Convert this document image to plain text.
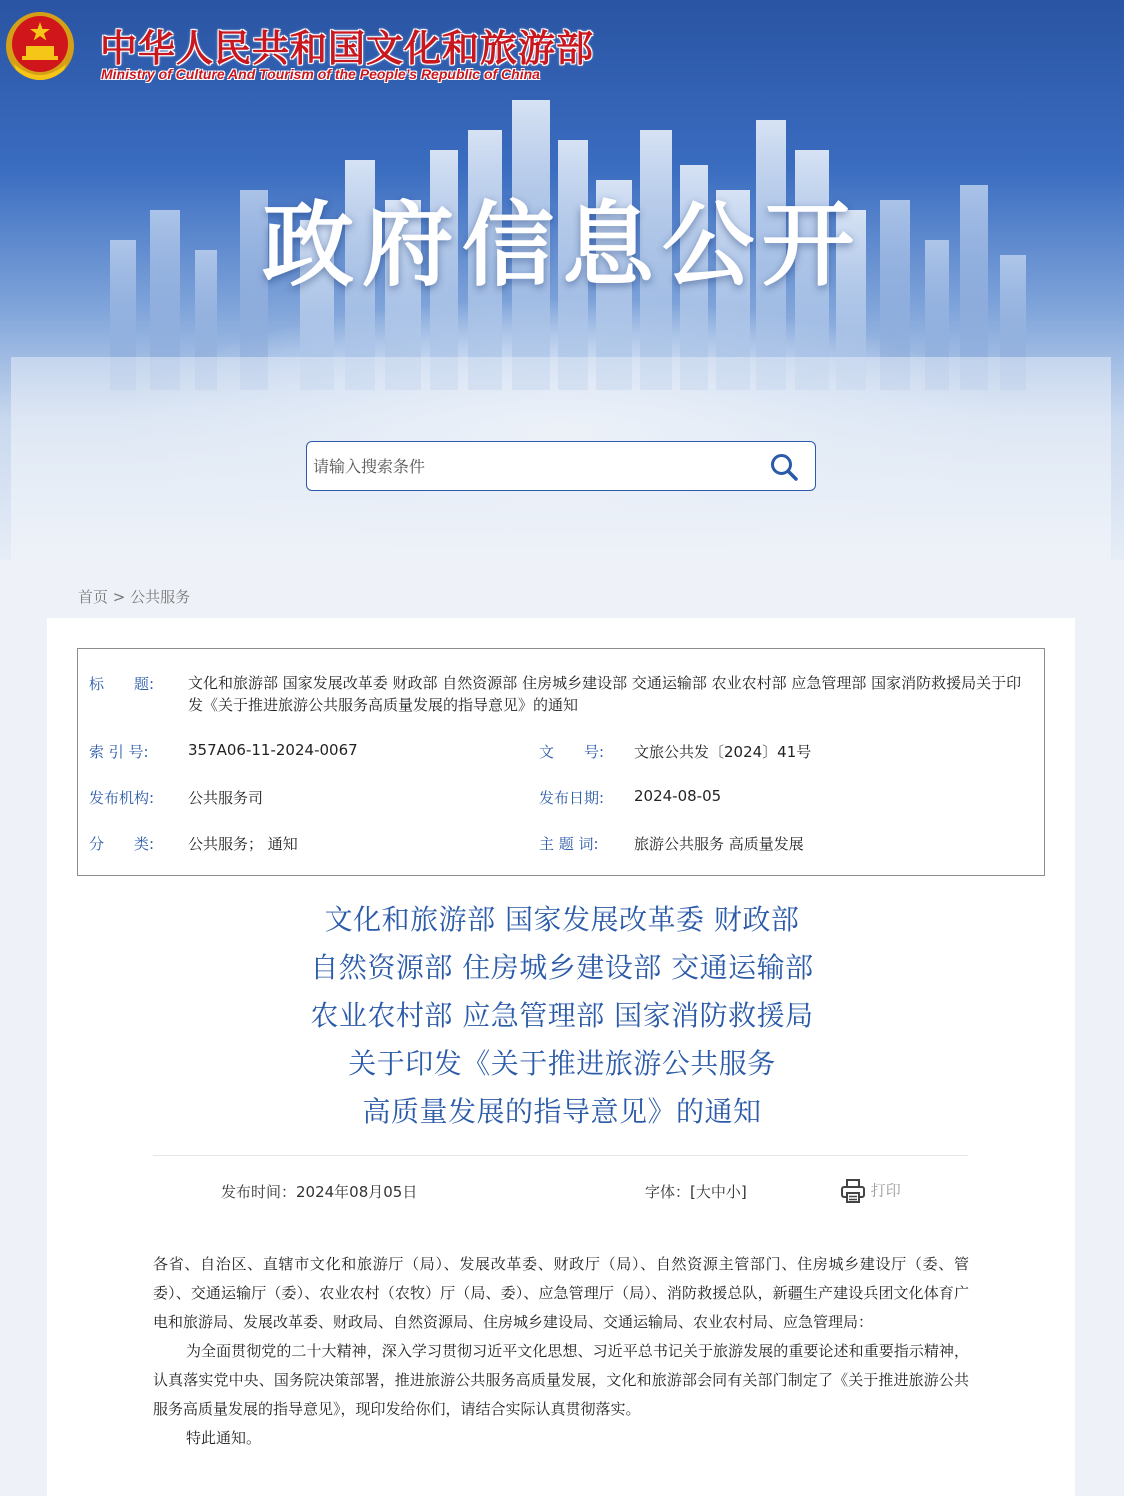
中华人民共和国文化和旅游部
Ministry of Culture And Tourism of the People’s Republic of China
政府信息公开
请输入搜索条件
首页 > 公共服务
标　　题: 文化和旅游部 国家发展改革委 财政部 自然资源部 住房城乡建设部 交通运输部 农业农村部 应急管理部 国家消防救援局关于印发《关于推进旅游公共服务高质量发展的指导意见》的通知
索 引 号:	357A06-11-2024-0067	文　　号: 文旅公共发〔2024〕41号
发布机构: 公共服务司	发布日期: 2024-08-05
分　　类: 公共服务； 通知	主 题 词: 旅游公共服务 高质量发展
文化和旅游部 国家发展改革委 财政部
自然资源部 住房城乡建设部 交通运输部
农业农村部 应急管理部 国家消防救援局
关于印发《关于推进旅游公共服务
高质量发展的指导意见》的通知
发布时间：2024年08月05日	字体：[大中小]	打印

各省、自治区、直辖市文化和旅游厅（局）、发展改革委、财政厅（局）、自然资源主管部门、住房城乡建设厅（委、管委）、交通运输厅（委）、农业农村（农牧）厅（局、委）、应急管理厅（局）、消防救援总队，新疆生产建设兵团文化体育广电和旅游局、发展改革委、财政局、自然资源局、住房城乡建设局、交通运输局、农业农村局、应急管理局：

为全面贯彻党的二十大精神，深入学习贯彻习近平文化思想、习近平总书记关于旅游发展的重要论述和重要指示精神，认真落实党中央、国务院决策部署，推进旅游公共服务高质量发展，文化和旅游部会同有关部门制定了《关于推进旅游公共服务高质量发展的指导意见》，现印发给你们，请结合实际认真贯彻落实。

特此通知。
